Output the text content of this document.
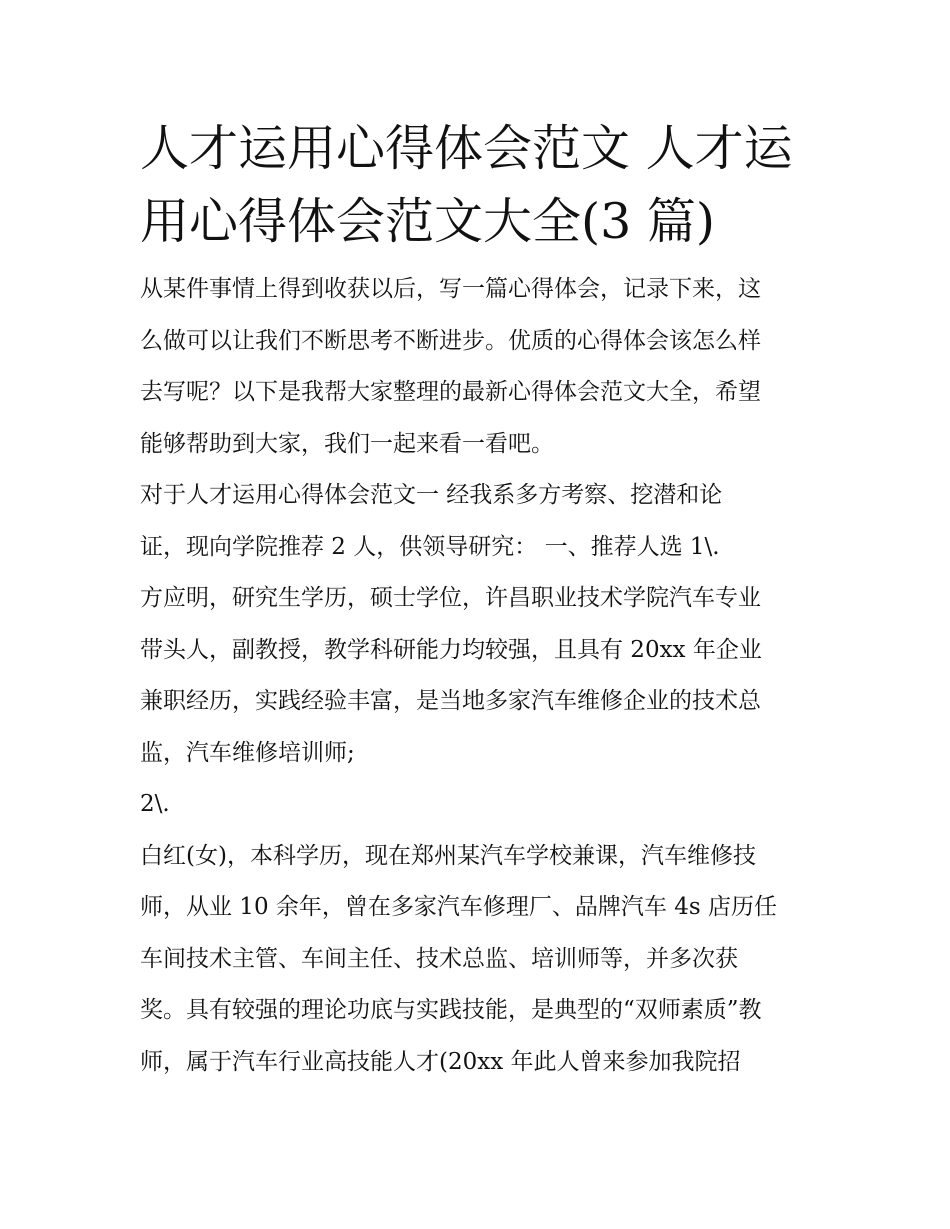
人才运用心得体会范文 人才运
用心得体会范文大全(3 篇)

从某件事情上得到收获以后，写一篇心得体会，记录下来，这
么做可以让我们不断思考不断进步。优质的心得体会该怎么样
去写呢？以下是我帮大家整理的最新心得体会范文大全，希望
能够帮助到大家，我们一起来看一看吧。

对于人才运用心得体会范文一 经我系多方考察、挖潜和论
证，现向学院推荐 2 人，供领导研究： 一、推荐人选 1\.

方应明，研究生学历，硕士学位，许昌职业技术学院汽车专业
带头人，副教授，教学科研能力均较强，且具有 20xx 年企业
兼职经历，实践经验丰富，是当地多家汽车维修企业的技术总
监，汽车维修培训师;

2\.

白红(女)，本科学历，现在郑州某汽车学校兼课，汽车维修技
师，从业 10 余年，曾在多家汽车修理厂、品牌汽车 4s 店历任
车间技术主管、车间主任、技术总监、培训师等，并多次获
奖。具有较强的理论功底与实践技能，是典型的“双师素质”教
师，属于汽车行业高技能人才(20xx 年此人曾来参加我院招
